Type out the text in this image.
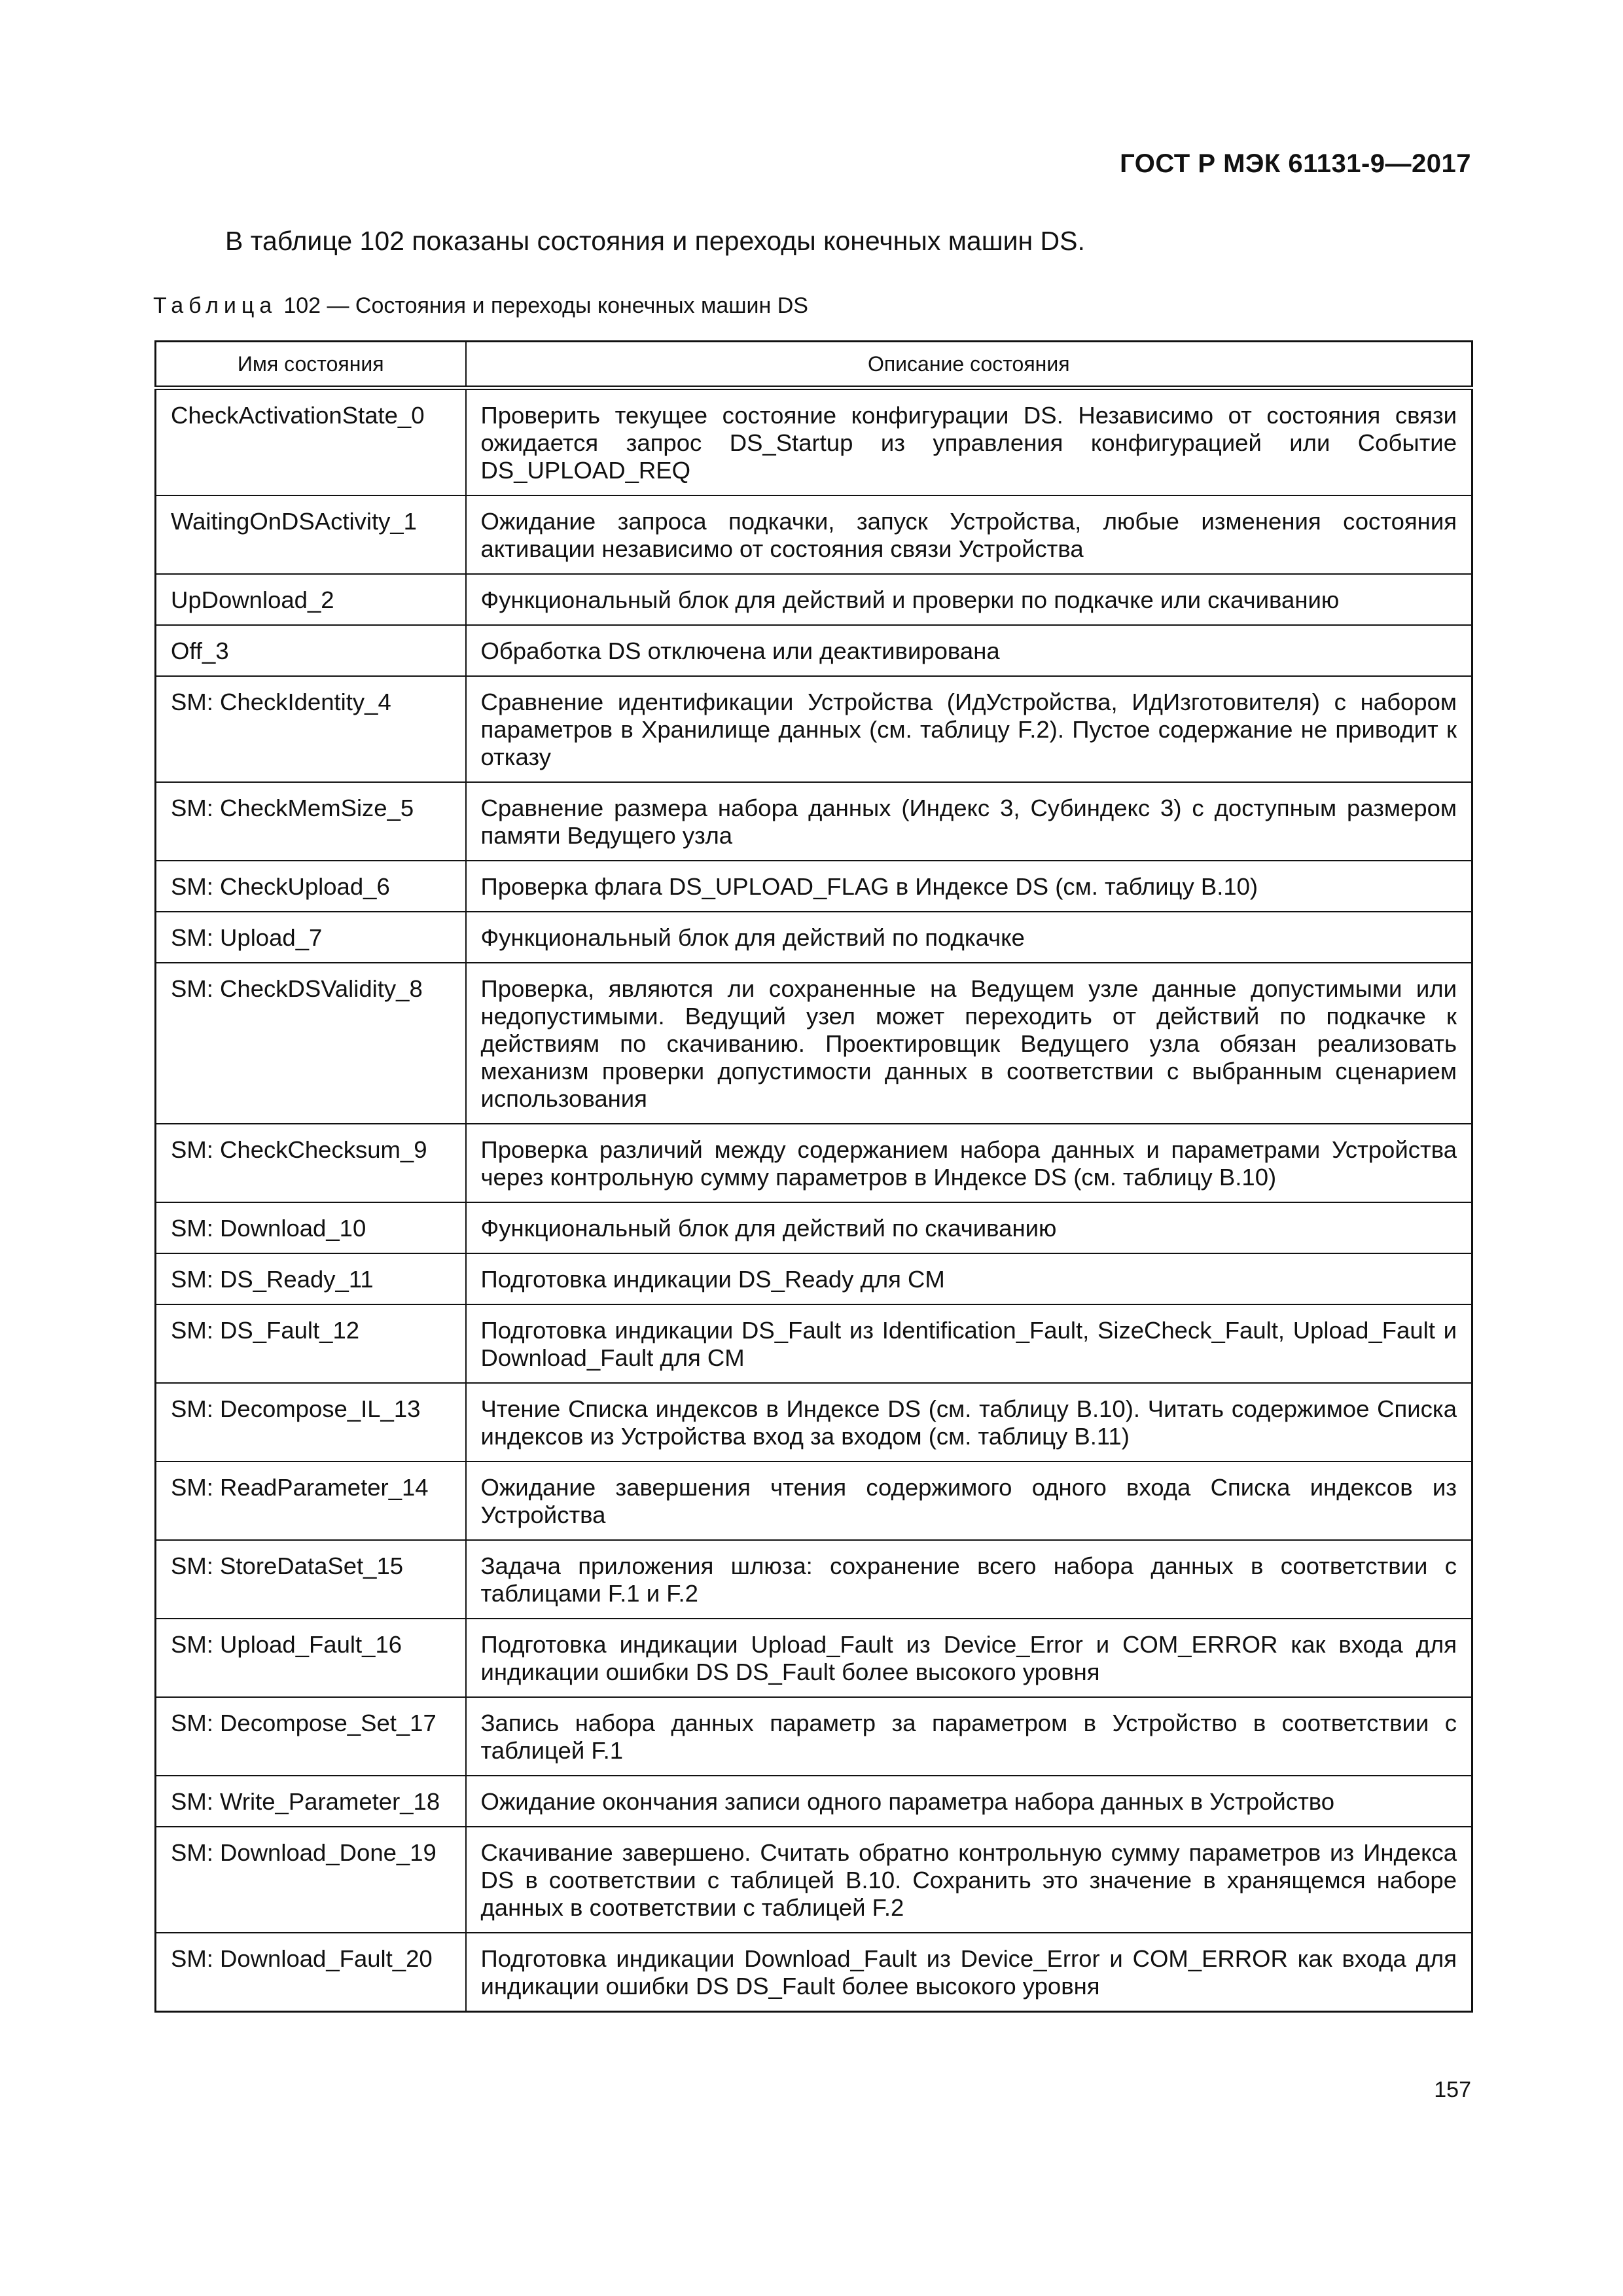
ГОСТ Р МЭК 61131-9—2017
В таблице 102 показаны состояния и переходы конечных машин DS.
Таблица 102 — Состояния и переходы конечных машин DS
Имя состояния	Описание состояния
CheckActivationState_0	Проверить текущее состояние конфигурации DS. Независимо от состояния связи ожидается запрос DS_Startup из управления конфигурацией или Событие DS_UPLOAD_REQ
WaitingOnDSActivity_1	Ожидание запроса подкачки, запуск Устройства, любые изменения состояния активации независимо от состояния связи Устройства
UpDownload_2	Функциональный блок для действий и проверки по подкачке или скачиванию
Off_3	Обработка DS отключена или деактивирована
SM: CheckIdentity_4	Сравнение идентификации Устройства (ИдУстройства, ИдИзготовителя) с набором параметров в Хранилище данных (см. таблицу F.2). Пустое содержание не приводит к отказу
SM: CheckMemSize_5	Сравнение размера набора данных (Индекс 3, Субиндекс 3) с доступным размером памяти Ведущего узла
SM: CheckUpload_6	Проверка флага DS_UPLOAD_FLAG в Индексе DS (см. таблицу B.10)
SM: Upload_7	Функциональный блок для действий по подкачке
SM: CheckDSValidity_8	Проверка, являются ли сохраненные на Ведущем узле данные допустимыми или недопустимыми. Ведущий узел может переходить от действий по подкачке к действиям по скачиванию. Проектировщик Ведущего узла обязан реализовать механизм проверки допустимости данных в соответствии с выбранным сценарием использования
SM: CheckChecksum_9	Проверка различий между содержанием набора данных и параметрами Устройства через контрольную сумму параметров в Индексе DS (см. таблицу B.10)
SM: Download_10	Функциональный блок для действий по скачиванию
SM: DS_Ready_11	Подготовка индикации DS_Ready для CM
SM: DS_Fault_12	Подготовка индикации DS_Fault из Identification_Fault, SizeCheck_Fault, Upload_Fault и Download_Fault для CM
SM: Decompose_IL_13	Чтение Списка индексов в Индексе DS (см. таблицу B.10). Читать содержимое Списка индексов из Устройства вход за входом (см. таблицу B.11)
SM: ReadParameter_14	Ожидание завершения чтения содержимого одного входа Списка индексов из Устройства
SM: StoreDataSet_15	Задача приложения шлюза: сохранение всего набора данных в соответствии с таблицами F.1 и F.2
SM: Upload_Fault_16	Подготовка индикации Upload_Fault из Device_Error и COM_ERROR как входа для индикации ошибки DS DS_Fault более высокого уровня
SM: Decompose_Set_17	Запись набора данных параметр за параметром в Устройство в соответствии с таблицей F.1
SM: Write_Parameter_18	Ожидание окончания записи одного параметра набора данных в Устройство
SM: Download_Done_19	Скачивание завершено. Считать обратно контрольную сумму параметров из Индекса DS в соответствии с таблицей B.10. Сохранить это значение в хранящемся наборе данных в соответствии с таблицей F.2
SM: Download_Fault_20	Подготовка индикации Download_Fault из Device_Error и COM_ERROR как входа для индикации ошибки DS DS_Fault более высокого уровня
157
